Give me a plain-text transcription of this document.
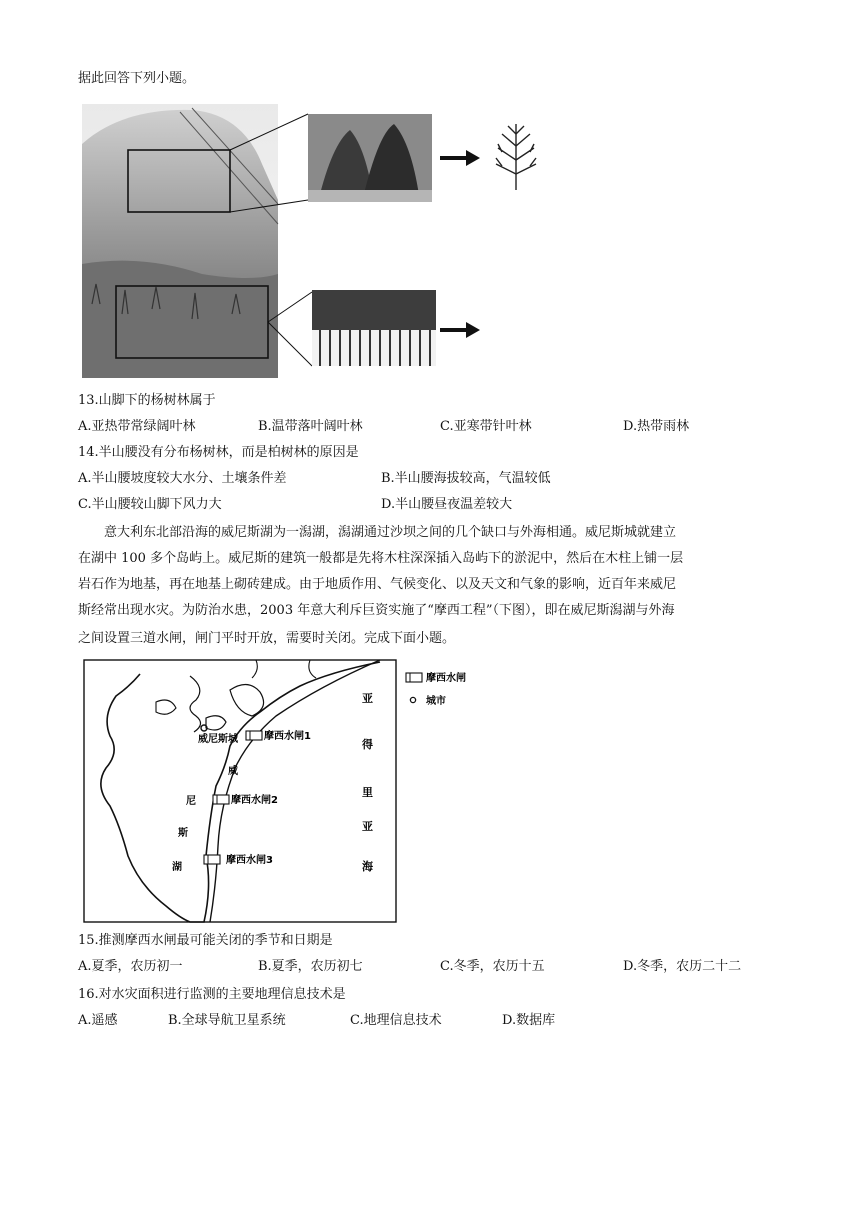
据此回答下列小题。
13.山脚下的杨树林属于
A.亚热带常绿阔叶林	B.温带落叶阔叶林	C.亚寒带针叶林	D.热带雨林
14.半山腰没有分布杨树林，而是柏树林的原因是
A.半山腰坡度较大水分、土壤条件差	B.半山腰海拔较高，气温较低
C.半山腰较山脚下风力大	D.半山腰昼夜温差较大
意大利东北部沿海的威尼斯湖为一潟湖，潟湖通过沙坝之间的几个缺口与外海相通。威尼斯城就建立
在湖中 100 多个岛屿上。威尼斯的建筑一般都是先将木柱深深插入岛屿下的淤泥中，然后在木柱上铺一层
岩石作为地基，再在地基上砌砖建成。由于地质作用、气候变化、以及天文和气象的影响，近百年来威尼
斯经常出现水灾。为防治水患，2003 年意大利斥巨资实施了“摩西工程”（下图），即在威尼斯潟湖与外海
之间设置三道水闸，闸门平时开放，需要时关闭。完成下面小题。
威尼斯城
威
尼
斯
湖
摩西水闸1
摩西水闸2
摩西水闸3
亚
得
里
亚
海
摩西水闸
城市
15.推测摩西水闸最可能关闭的季节和日期是
A.夏季，农历初一	B.夏季，农历初七	C.冬季，农历十五	D.冬季，农历二十二
16.对水灾面积进行监测的主要地理信息技术是
A.遥感	B.全球导航卫星系统	C.地理信息技术	D.数据库
